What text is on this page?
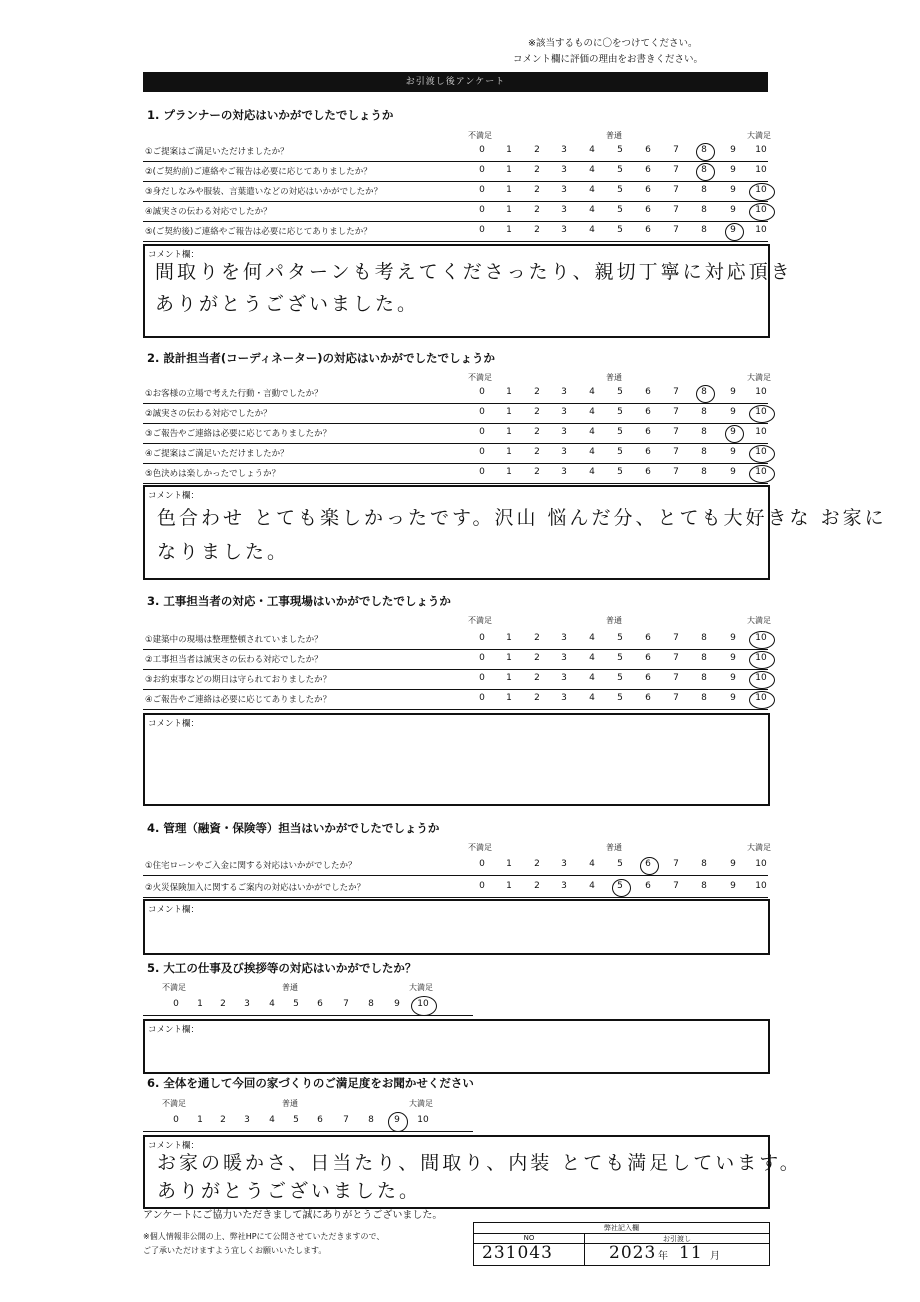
※該当するものに〇をつけてください。
コメント欄に評価の理由をお書きください。
お引渡し後アンケート
1. プランナーの対応はいかがでしたでしょうか
不満足	普通	大満足
①ご提案はご満足いただけましたか？	0	1	2	3	4	5	6	7	8	9	10
②(ご契約前)ご連絡やご報告は必要に応じてありましたか？	0	1	2	3	4	5	6	7	8	9	10
③身だしなみや服装、言葉遣いなどの対応はいかがでしたか？	0	1	2	3	4	5	6	7	8	9	10
④誠実さの伝わる対応でしたか？	0	1	2	3	4	5	6	7	8	9	10
⑤(ご契約後)ご連絡やご報告は必要に応じてありましたか？	0	1	2	3	4	5	6	7	8	9	10
コメント欄：
間取りを何パターンも考えてくださったり、親切丁寧に対応頂き
ありがとうございました。
2. 設計担当者(コーディネーター)の対応はいかがでしたでしょうか
不満足	普通	大満足
①お客様の立場で考えた行動・言動でしたか？	0	1	2	3	4	5	6	7	8	9	10
②誠実さの伝わる対応でしたか？	0	1	2	3	4	5	6	7	8	9	10
③ご報告やご連絡は必要に応じてありましたか？	0	1	2	3	4	5	6	7	8	9	10
④ご提案はご満足いただけましたか？	0	1	2	3	4	5	6	7	8	9	10
⑤色決めは楽しかったでしょうか？	0	1	2	3	4	5	6	7	8	9	10
コメント欄：
色合わせ とても楽しかったです。沢山 悩んだ分、とても大好きな お家に
なりました。
3. 工事担当者の対応・工事現場はいかがでしたでしょうか
不満足	普通	大満足
①建築中の現場は整理整頓されていましたか？	0	1	2	3	4	5	6	7	8	9	10
②工事担当者は誠実さの伝わる対応でしたか？	0	1	2	3	4	5	6	7	8	9	10
③お約束事などの期日は守られておりましたか？	0	1	2	3	4	5	6	7	8	9	10
④ご報告やご連絡は必要に応じてありましたか？	0	1	2	3	4	5	6	7	8	9	10
コメント欄：
4. 管理（融資・保険等）担当はいかがでしたでしょうか
不満足	普通	大満足
①住宅ローンやご入金に関する対応はいかがでしたか？	0	1	2	3	4	5	6	7	8	9	10
②火災保険加入に関するご案内の対応はいかがでしたか？	0	1	2	3	4	5	6	7	8	9	10
コメント欄：
5. 大工の仕事及び挨拶等の対応はいかがでしたか？
不満足	普通	大満足
0	1	2	3	4	5	6	7	8	9	10
コメント欄：
6. 全体を通して今回の家づくりのご満足度をお聞かせください
不満足	普通	大満足
0	1	2	3	4	5	6	7	8	9	10
コメント欄：
お家の暖かさ、日当たり、間取り、内装 とても満足しています。
ありがとうございました。
アンケートにご協力いただきまして誠にありがとうございました。
※個人情報非公開の上、弊社HPにて公開させていただきますので、
ご了承いただけますよう宜しくお願いいたします。
弊社記入欄
NO	お引渡し
231043	2023 年 11 月
